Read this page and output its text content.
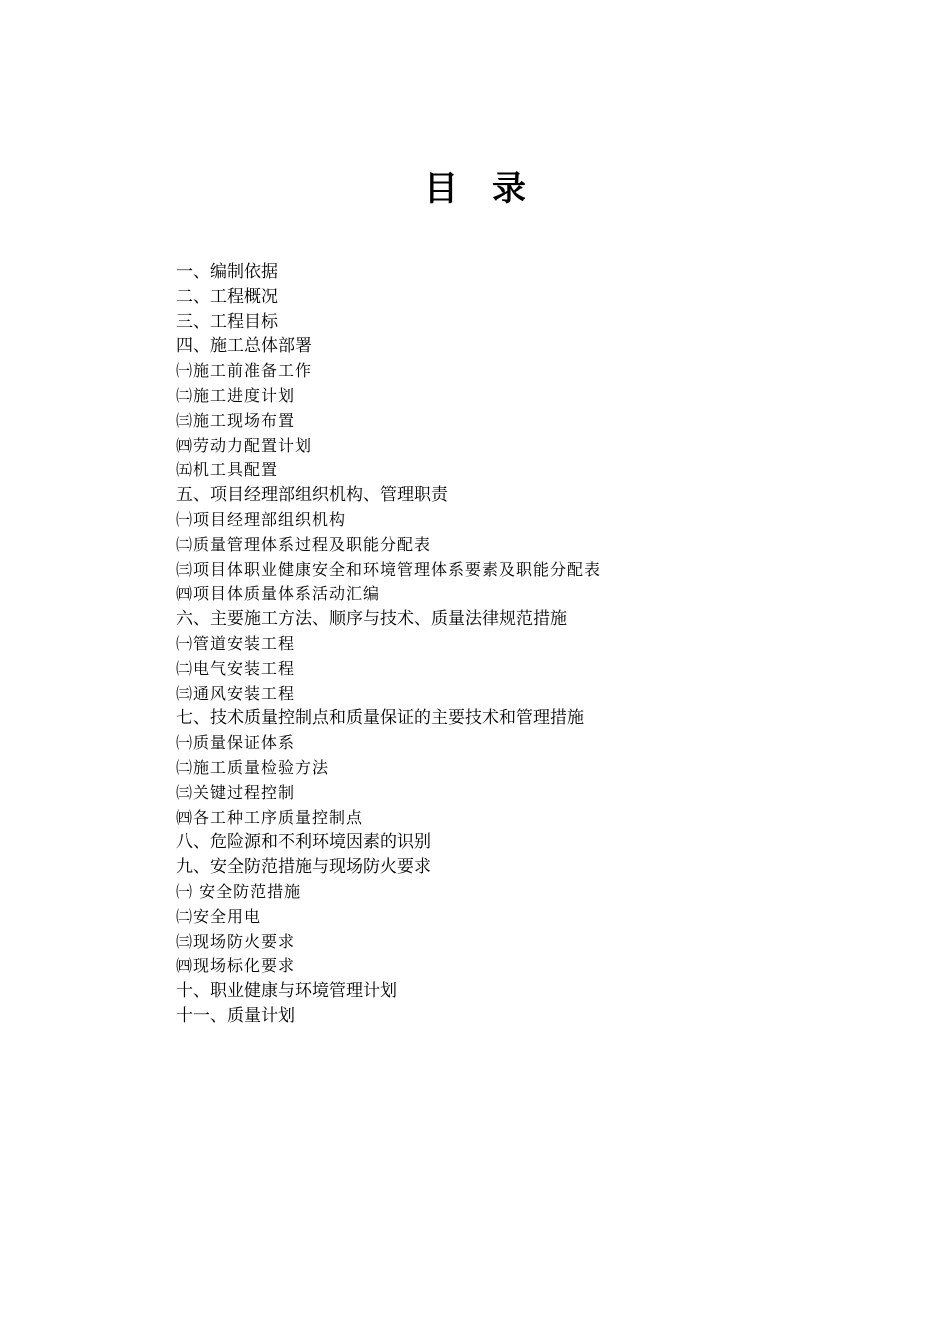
目　录
一、编制依据
二、工程概况
三、工程目标
四、施工总体部署
㈠施工前准备工作
㈡施工进度计划
㈢施工现场布置
㈣劳动力配置计划
㈤机工具配置
五、项目经理部组织机构、管理职责
㈠项目经理部组织机构
㈡质量管理体系过程及职能分配表
㈢项目体职业健康安全和环境管理体系要素及职能分配表
㈣项目体质量体系活动汇编
六、主要施工方法、顺序与技术、质量法律规范措施
㈠管道安装工程
㈡电气安装工程
㈢通风安装工程
七、技术质量控制点和质量保证的主要技术和管理措施
㈠质量保证体系
㈡施工质量检验方法
㈢关键过程控制
㈣各工种工序质量控制点
八、危险源和不利环境因素的识别
九、安全防范措施与现场防火要求
㈠ 安全防范措施
㈡安全用电
㈢现场防火要求
㈣现场标化要求
十、职业健康与环境管理计划
十一、质量计划
